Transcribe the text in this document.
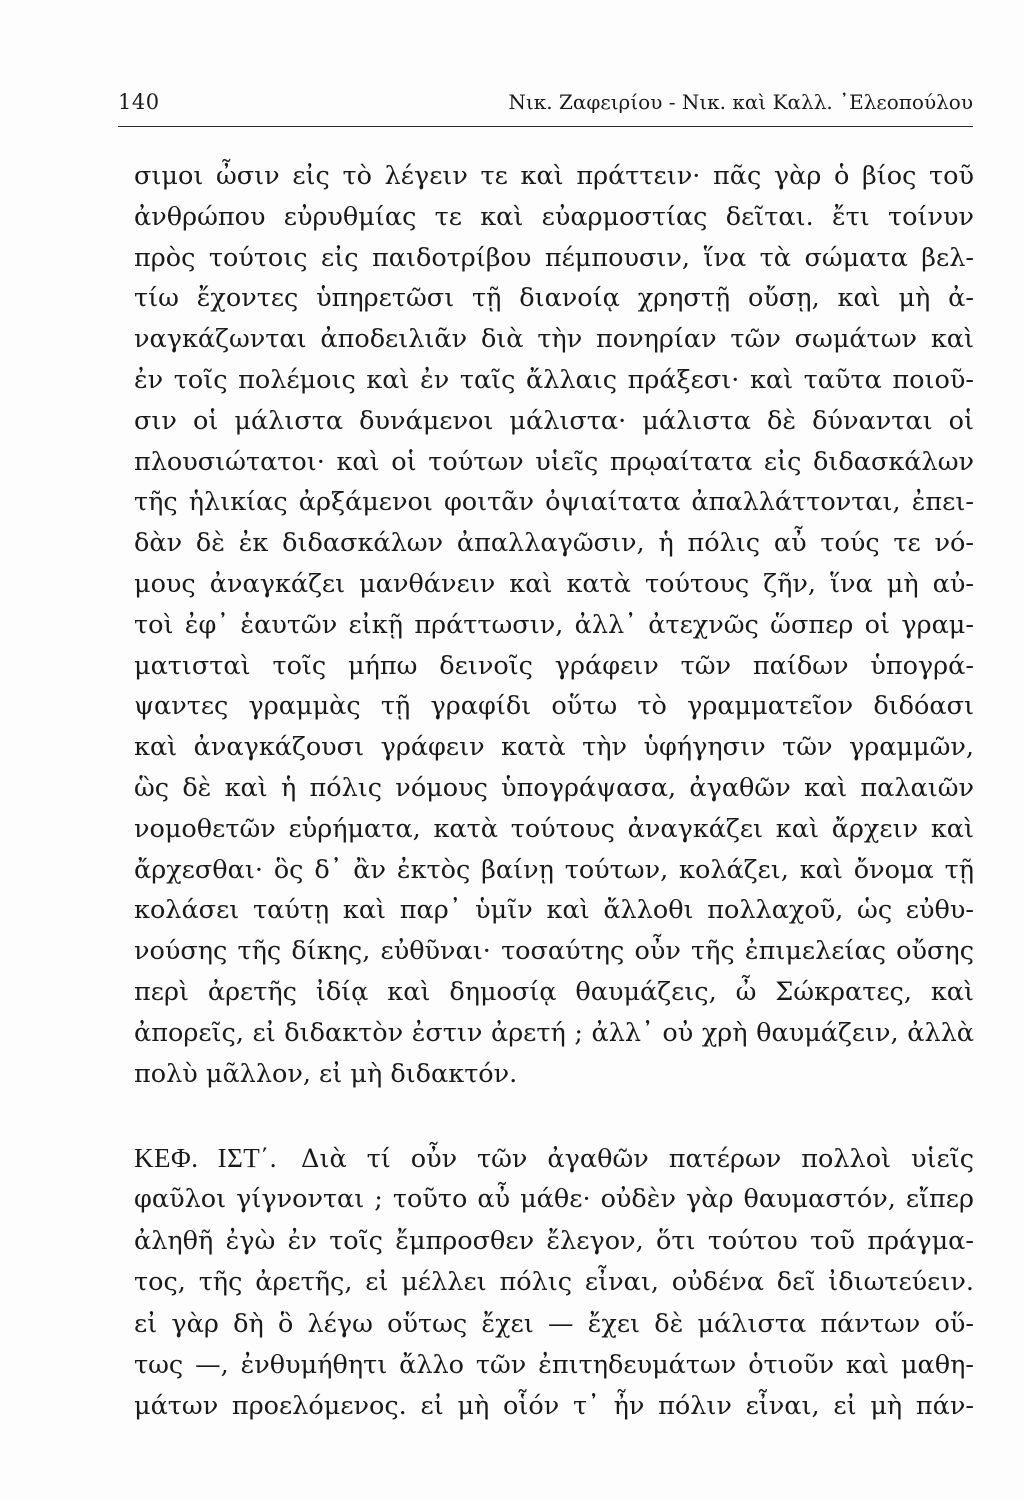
140	Νικ. Ζαφειρίου - Νικ. καὶ Καλλ. ᾿Ελεοπούλου
σιμοι ὦσιν εἰς τὸ λέγειν τε καὶ πράττειν· πᾶς γὰρ ὁ βίος τοῦ
ἀνθρώπου εὐρυθμίας τε καὶ εὐαρμοστίας δεῖται. ἔτι τοίνυν
πρὸς τούτοις εἰς παιδοτρίβου πέμπουσιν, ἵνα τὰ σώματα βελ-
τίω ἔχοντες ὑπηρετῶσι τῇ διανοίᾳ χρηστῇ οὔσῃ, καὶ μὴ ἀ-
ναγκάζωνται ἀποδειλιᾶν διὰ τὴν πονηρίαν τῶν σωμάτων καὶ
ἐν τοῖς πολέμοις καὶ ἐν ταῖς ἄλλαις πράξεσι· καὶ ταῦτα ποιοῦ-
σιν οἱ μάλιστα δυνάμενοι μάλιστα· μάλιστα δὲ δύνανται οἱ
πλουσιώτατοι· καὶ οἱ τούτων υἱεῖς πρῳαίτατα εἰς διδασκάλων
τῆς ἡλικίας ἀρξάμενοι φοιτᾶν ὀψιαίτατα ἀπαλλάττονται, ἐπει-
δὰν δὲ ἐκ διδασκάλων ἀπαλλαγῶσιν, ἡ πόλις αὖ τούς τε νό-
μους ἀναγκάζει μανθάνειν καὶ κατὰ τούτους ζῆν, ἵνα μὴ αὐ-
τοὶ ἐφ᾿ ἑαυτῶν εἰκῇ πράττωσιν, ἀλλ᾿ ἀτεχνῶς ὥσπερ οἱ γραμ-
ματισταὶ τοῖς μήπω δεινοῖς γράφειν τῶν παίδων ὑπογρά-
ψαντες γραμμὰς τῇ γραφίδι οὕτω τὸ γραμματεῖον διδόασι
καὶ ἀναγκάζουσι γράφειν κατὰ τὴν ὑφήγησιν τῶν γραμμῶν,
ὣς δὲ καὶ ἡ πόλις νόμους ὑπογράψασα, ἀγαθῶν καὶ παλαιῶν
νομοθετῶν εὑρήματα, κατὰ τούτους ἀναγκάζει καὶ ἄρχειν καὶ
ἄρχεσθαι· ὃς δ᾿ ἂν ἐκτὸς βαίνῃ τούτων, κολάζει, καὶ ὄνομα τῇ
κολάσει ταύτῃ καὶ παρ᾿ ὑμῖν καὶ ἄλλοθι πολλαχοῦ, ὡς εὐθυ-
νούσης τῆς δίκης, εὐθῦναι· τοσαύτης οὖν τῆς ἐπιμελείας οὔσης
περὶ ἀρετῆς ἰδίᾳ καὶ δημοσίᾳ θαυμάζεις, ὦ Σώκρατες, καὶ
ἀπορεῖς, εἰ διδακτὸν ἐστιν ἀρετή ; ἀλλ᾿ οὐ χρὴ θαυμάζειν, ἀλλὰ
πολὺ μᾶλλον, εἰ μὴ διδακτόν.
ΚΕΦ. ΙΣΤ΄. Διὰ τί οὖν τῶν ἀγαθῶν πατέρων πολλοὶ υἱεῖς
φαῦλοι γίγνονται ; τοῦτο αὖ μάθε· οὐδὲν γὰρ θαυμαστόν, εἴπερ
ἀληθῆ ἐγὼ ἐν τοῖς ἔμπροσθεν ἔλεγον, ὅτι τούτου τοῦ πράγμα-
τος, τῆς ἀρετῆς, εἰ μέλλει πόλις εἶναι, οὐδένα δεῖ ἰδιωτεύειν.
εἰ γὰρ δὴ ὃ λέγω οὕτως ἔχει — ἔχει δὲ μάλιστα πάντων οὕ-
τως —, ἐνθυμήθητι ἄλλο τῶν ἐπιτηδευμάτων ὁτιοῦν καὶ μαθη-
μάτων προελόμενος. εἰ μὴ οἷόν τ᾿ ἦν πόλιν εἶναι, εἰ μὴ πάν-
